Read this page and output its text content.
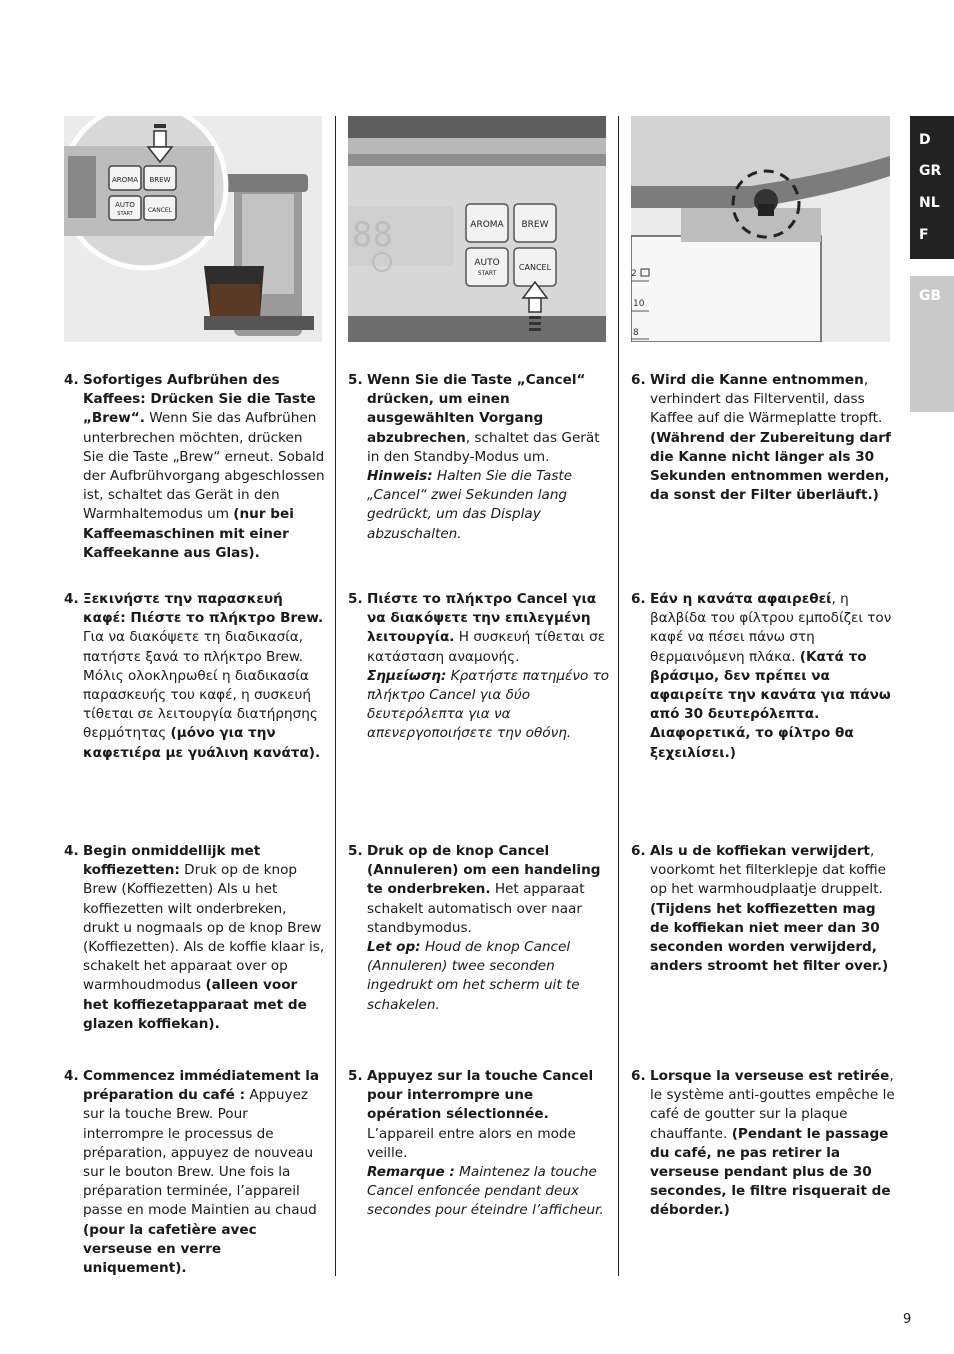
AROMA BREW
AUTO
START	CANCEL
88	AROMA BREW
AUTO
START
CANCEL
2
10
8
D
GR
NL
F
GB
4. Sofortiges Aufbrühen des Kaffees: Drücken Sie die Taste „Brew“. Wenn Sie das Aufbrühen unterbrechen möchten, drücken Sie die Taste „Brew“ erneut. Sobald der Aufbrühvorgang abgeschlossen ist, schaltet das Gerät in den Warmhaltemodus um (nur bei Kaffeemaschinen mit einer Kaffeekanne aus Glas).
5. Wenn Sie die Taste „Cancel“ drücken, um einen ausgewählten Vorgang abzubrechen, schaltet das Gerät in den Standby-Modus um.
Hinweis: Halten Sie die Taste „Cancel“ zwei Sekunden lang gedrückt, um das Display abzuschalten.
6. Wird die Kanne entnommen, verhindert das Filterventil, dass Kaffee auf die Wärmeplatte tropft. (Während der Zubereitung darf die Kanne nicht länger als 30 Sekunden entnommen werden, da sonst der Filter überläuft.)
4. Ξεκινήστε την παρασκευή καφέ: Πιέστε το πλήκτρο Brew. Για να διακόψετε τη διαδικασία, πατήστε ξανά το πλήκτρο Brew. Μόλις ολοκληρωθεί η διαδικασία παρασκευής του καφέ, η συσκευή τίθεται σε λειτουργία διατήρησης θερμότητας (μόνο για την καφετιέρα με γυάλινη κανάτα).
5. Πιέστε το πλήκτρο Cancel για να διακόψετε την επιλεγμένη λειτουργία. Η συσκευή τίθεται σε κατάσταση αναμονής.
Σημείωση: Κρατήστε πατημένο το πλήκτρο Cancel για δύο δευτερόλεπτα για να απενεργοποιήσετε την οθόνη.
6. Εάν η κανάτα αφαιρεθεί, η βαλβίδα του φίλτρου εμποδίζει τον καφέ να πέσει πάνω στη θερμαινόμενη πλάκα. (Κατά το βράσιμο, δεν πρέπει να αφαιρείτε την κανάτα για πάνω από 30 δευτερόλεπτα. Διαφορετικά, το φίλτρο θα ξεχειλίσει.)
4. Begin onmiddellijk met koffiezetten: Druk op de knop Brew (Koffiezetten) Als u het koffiezetten wilt onderbreken, drukt u nogmaals op de knop Brew (Koffiezetten). Als de koffie klaar is, schakelt het apparaat over op warmhoudmodus (alleen voor het koffiezetapparaat met de glazen koffiekan).
5. Druk op de knop Cancel (Annuleren) om een handeling te onderbreken. Het apparaat schakelt automatisch over naar standbymodus.
Let op: Houd de knop Cancel (Annuleren) twee seconden ingedrukt om het scherm uit te schakelen.
6. Als u de koffiekan verwijdert, voorkomt het filterklepje dat koffie op het warmhoudplaatje druppelt. (Tijdens het koffiezetten mag de koffiekan niet meer dan 30 seconden worden verwijderd, anders stroomt het filter over.)
4. Commencez immédiatement la préparation du café : Appuyez sur la touche Brew. Pour interrompre le processus de préparation, appuyez de nouveau sur le bouton Brew. Une fois la préparation terminée, l’appareil passe en mode Maintien au chaud (pour la cafetière avec verseuse en verre uniquement).
5. Appuyez sur la touche Cancel pour interrompre une opération sélectionnée. L’appareil entre alors en mode veille.
Remarque : Maintenez la touche Cancel enfoncée pendant deux secondes pour éteindre l’afficheur.
6. Lorsque la verseuse est retirée, le système anti-gouttes empêche le café de goutter sur la plaque chauffante. (Pendant le passage du café, ne pas retirer la verseuse pendant plus de 30 secondes, le filtre risquerait de déborder.)
9
